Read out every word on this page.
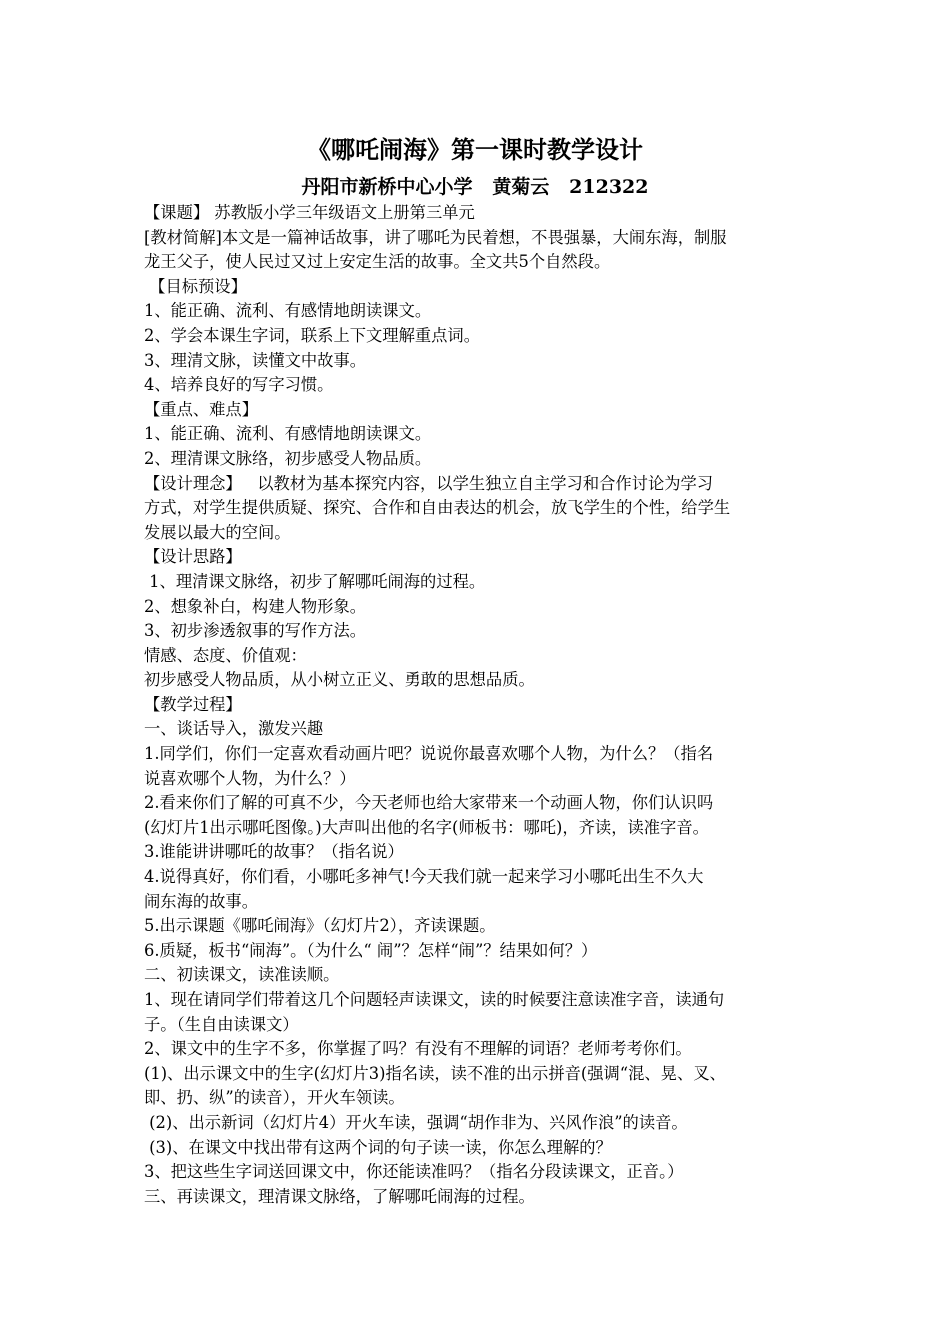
《哪吒闹海》第一课时教学设计
丹阳市新桥中心小学   黄菊云   212322
【课题】 苏教版小学三年级语文上册第三单元
[教材简解]本文是一篇神话故事，讲了哪吒为民着想，不畏强暴，大闹东海，制服
龙王父子，使人民过又过上安定生活的故事。全文共5个自然段。
【目标预设】
1、能正确、流利、有感情地朗读课文。
2、学会本课生字词，联系上下文理解重点词。
3、理清文脉，读懂文中故事。
4、培养良好的写字习惯。
【重点、难点】
1、能正确、流利、有感情地朗读课文。
2、理清课文脉络，初步感受人物品质。
【设计理念】   以教材为基本探究内容，以学生独立自主学习和合作讨论为学习
方式，对学生提供质疑、探究、合作和自由表达的机会，放飞学生的个性，给学生
发展以最大的空间。
【设计思路】
1、理清课文脉络，初步了解哪吒闹海的过程。
2、想象补白，构建人物形象。
3、初步渗透叙事的写作方法。
情感、态度、价值观：
初步感受人物品质，从小树立正义、勇敢的思想品质。
【教学过程】
一、谈话导入，激发兴趣
1.同学们，你们一定喜欢看动画片吧？说说你最喜欢哪个人物，为什么？（指名
说喜欢哪个人物，为什么？）
2.看来你们了解的可真不少，今天老师也给大家带来一个动画人物，你们认识吗
(幻灯片1出示哪吒图像。)大声叫出他的名字(师板书：哪吒)，齐读，读准字音。
3.谁能讲讲哪吒的故事？（指名说）
4.说得真好，你们看，小哪吒多神气!今天我们就一起来学习小哪吒出生不久大
闹东海的故事。
5.出示课题《哪吒闹海》（幻灯片2），齐读课题。
6.质疑，板书“闹海”。（为什么“ 闹”？怎样“闹”？结果如何？）
二、初读课文，读准读顺。
1、现在请同学们带着这几个问题轻声读课文，读的时候要注意读准字音，读通句
子。（生自由读课文）
2、课文中的生字不多，你掌握了吗？有没有不理解的词语？老师考考你们。
(1)、出示课文中的生字(幻灯片3)指名读，读不准的出示拼音(强调“混、晃、叉、
即、扔、纵”的读音），开火车领读。
(2)、出示新词（幻灯片4）开火车读，强调“胡作非为、兴风作浪”的读音。
(3)、在课文中找出带有这两个词的句子读一读，你怎么理解的？
3、把这些生字词送回课文中，你还能读准吗？（指名分段读课文，正音。）
三、再读课文，理清课文脉络，了解哪吒闹海的过程。
